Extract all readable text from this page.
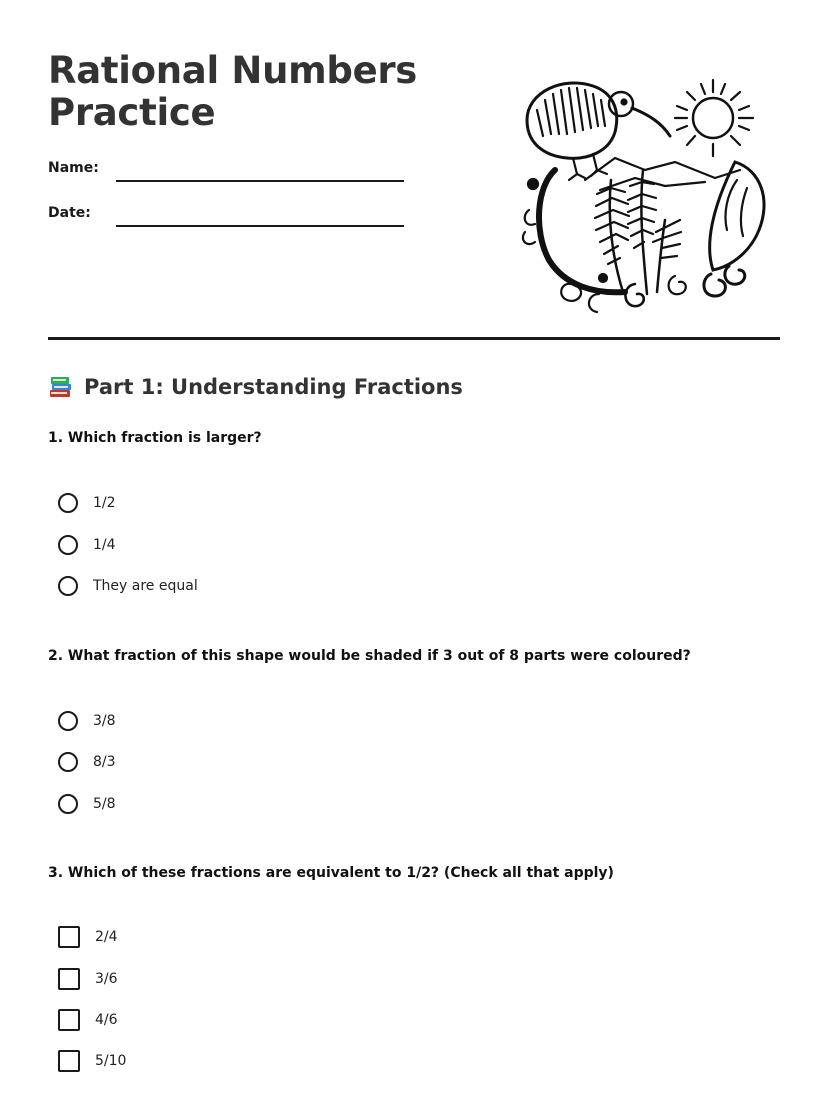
Rational Numbers
Practice
Name:
Date:
Part 1: Understanding Fractions

1. Which fraction is larger?

1/2
1/4
They are equal

2. What fraction of this shape would be shaded if 3 out of 8 parts were coloured?

3/8
8/3
5/8

3. Which of these fractions are equivalent to 1/2? (Check all that apply)

2/4
3/6
4/6
5/10
